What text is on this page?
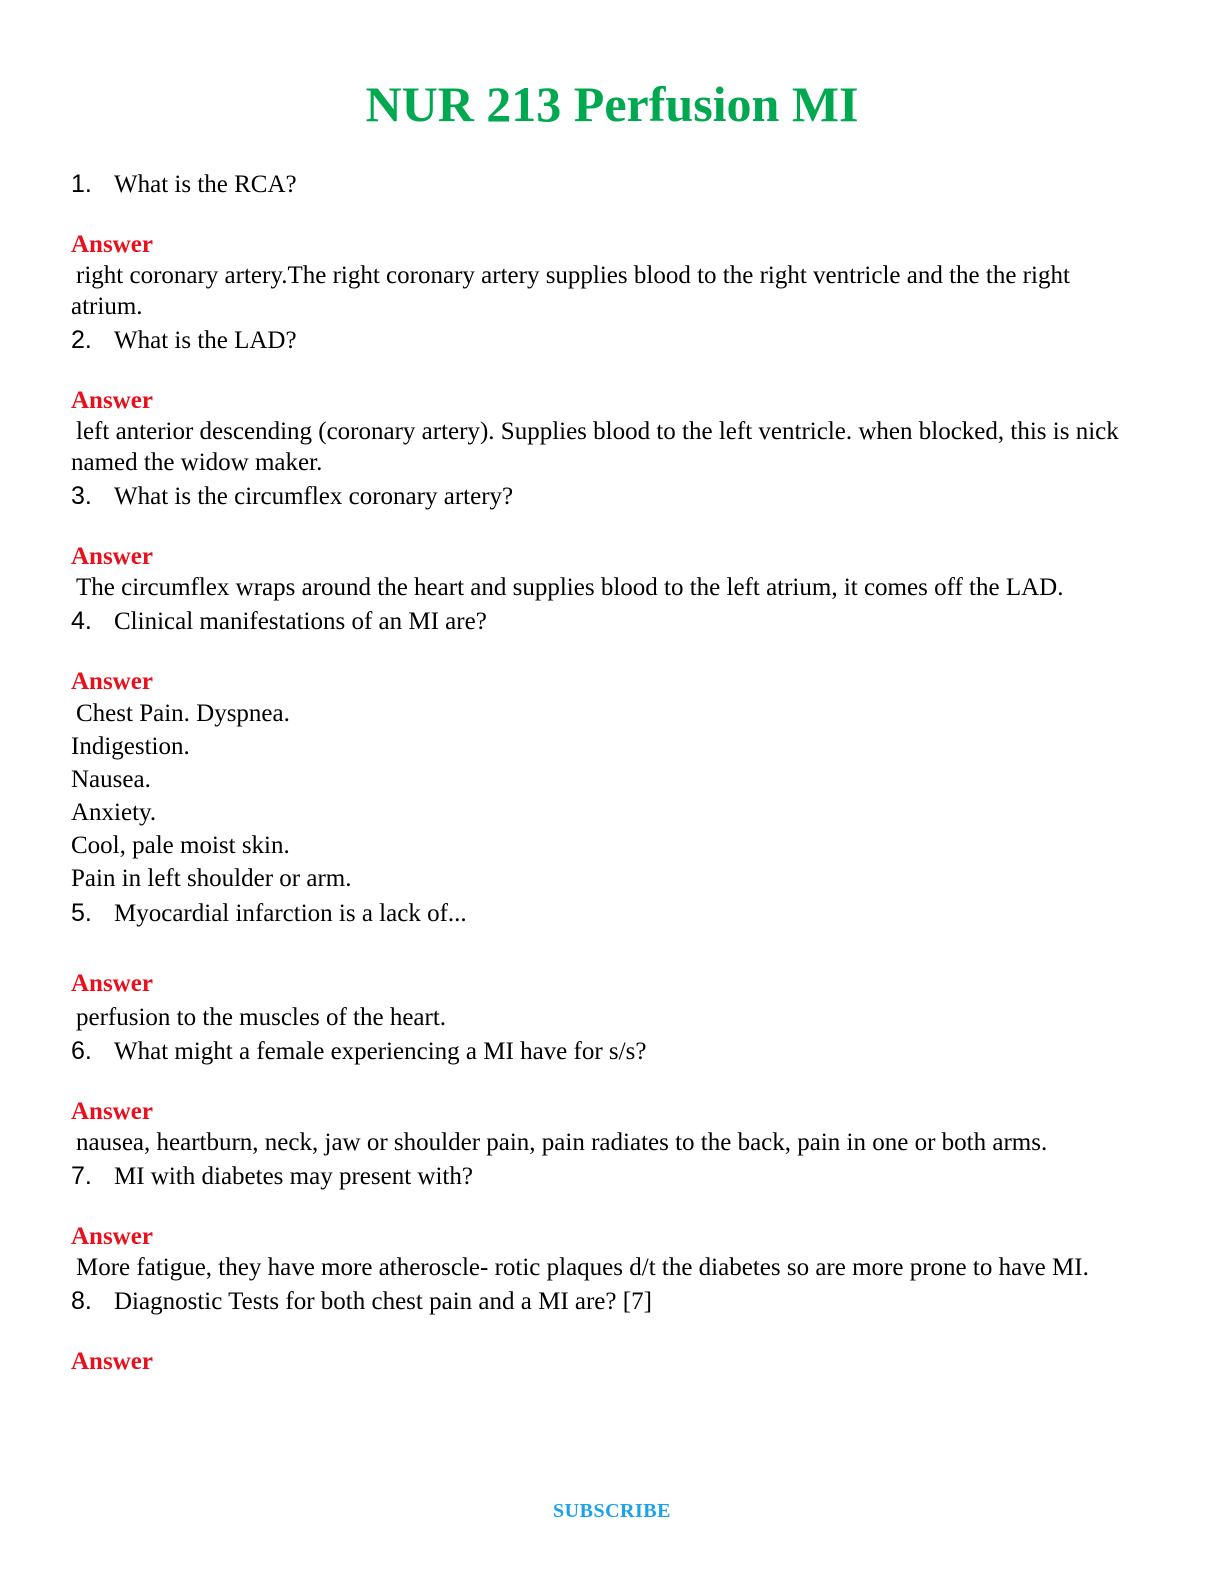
NUR 213 Perfusion MI
1. What is the RCA?
Answer
right coronary artery.The right coronary artery supplies blood to the right ventricle and the the right atrium.
2. What is the LAD?
Answer
left anterior descending (coronary artery). Supplies blood to the left ventricle. when blocked, this is nick named the widow maker.
3. What is the circumflex coronary artery?
Answer
The circumflex wraps around the heart and supplies blood to the left atrium, it comes off the LAD.
4. Clinical manifestations of an MI are?
Answer
Chest Pain. Dyspnea.
Indigestion.
Nausea.
Anxiety.
Cool, pale moist skin.
Pain in left shoulder or arm.
5. Myocardial infarction is a lack of...
Answer
perfusion to the muscles of the heart.
6. What might a female experiencing a MI have for s/s?
Answer
nausea, heartburn, neck, jaw or shoulder pain, pain radiates to the back, pain in one or both arms.
7. MI with diabetes may present with?
Answer
More fatigue, they have more atheroscle- rotic plaques d/t the diabetes so are more prone to have MI.
8. Diagnostic Tests for both chest pain and a MI are? [7]
Answer
SUBSCRIBE
